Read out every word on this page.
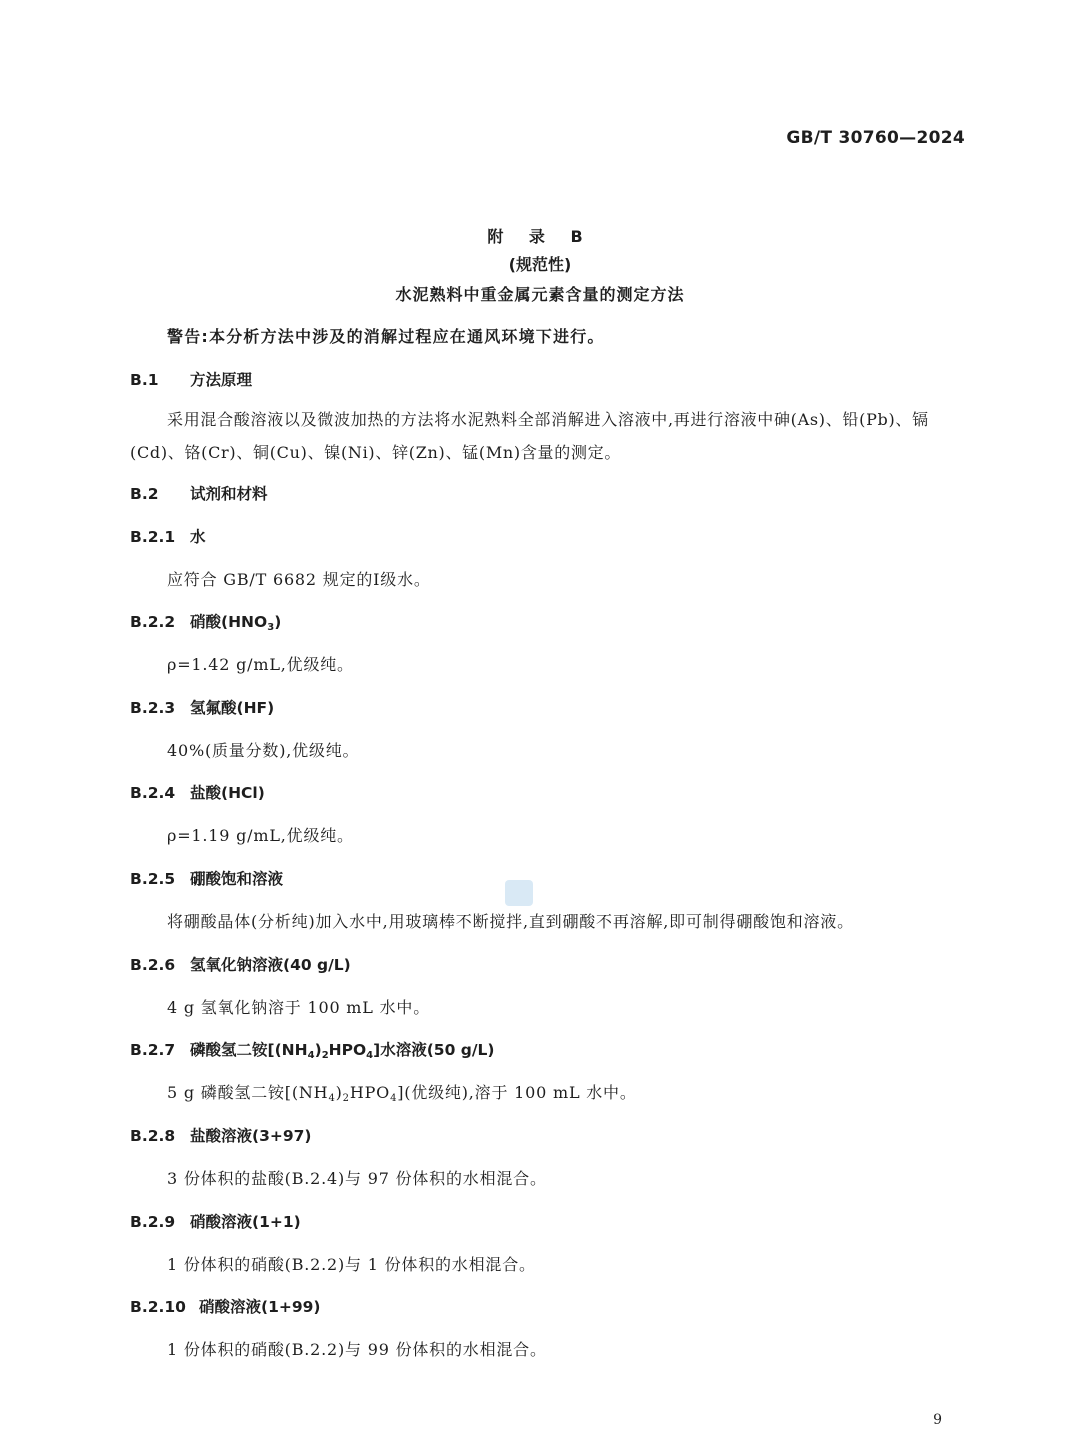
GB/T 30760—2024
附 录 B
(规范性)
水泥熟料中重金属元素含量的测定方法
警告:本分析方法中涉及的消解过程应在通风环境下进行。
B.1 方法原理
采用混合酸溶液以及微波加热的方法将水泥熟料全部消解进入溶液中,再进行溶液中砷(As)、铅(Pb)、镉(Cd)、铬(Cr)、铜(Cu)、镍(Ni)、锌(Zn)、锰(Mn)含量的测定。
B.2 试剂和材料
B.2.1 水
应符合 GB/T 6682 规定的Ⅰ级水。
B.2.2 硝酸$(HNO_3)$
ρ=1.42 g/mL,优级纯。
B.2.3 氢氟酸(HF)
40%(质量分数),优级纯。
B.2.4 盐酸(HCl)
ρ=1.19 g/mL,优级纯。
B.2.5 硼酸饱和溶液
将硼酸晶体(分析纯)加入水中,用玻璃棒不断搅拌,直到硼酸不再溶解,即可制得硼酸饱和溶液。
B.2.6 氢氧化钠溶液(40 g/L)
4 g 氢氧化钠溶于 100 mL 水中。
B.2.7 磷酸氢二铵$[(NH_4)_2HPO_4]$水溶液(50 g/L)
5 g 磷酸氢二铵$[(NH_4)_2HPO_4]$(优级纯),溶于 100 mL 水中。
B.2.8 盐酸溶液(3+97)
3 份体积的盐酸(B.2.4)与 97 份体积的水相混合。
B.2.9 硝酸溶液(1+1)
1 份体积的硝酸(B.2.2)与 1 份体积的水相混合。
B.2.10 硝酸溶液(1+99)
1 份体积的硝酸(B.2.2)与 99 份体积的水相混合。
9
